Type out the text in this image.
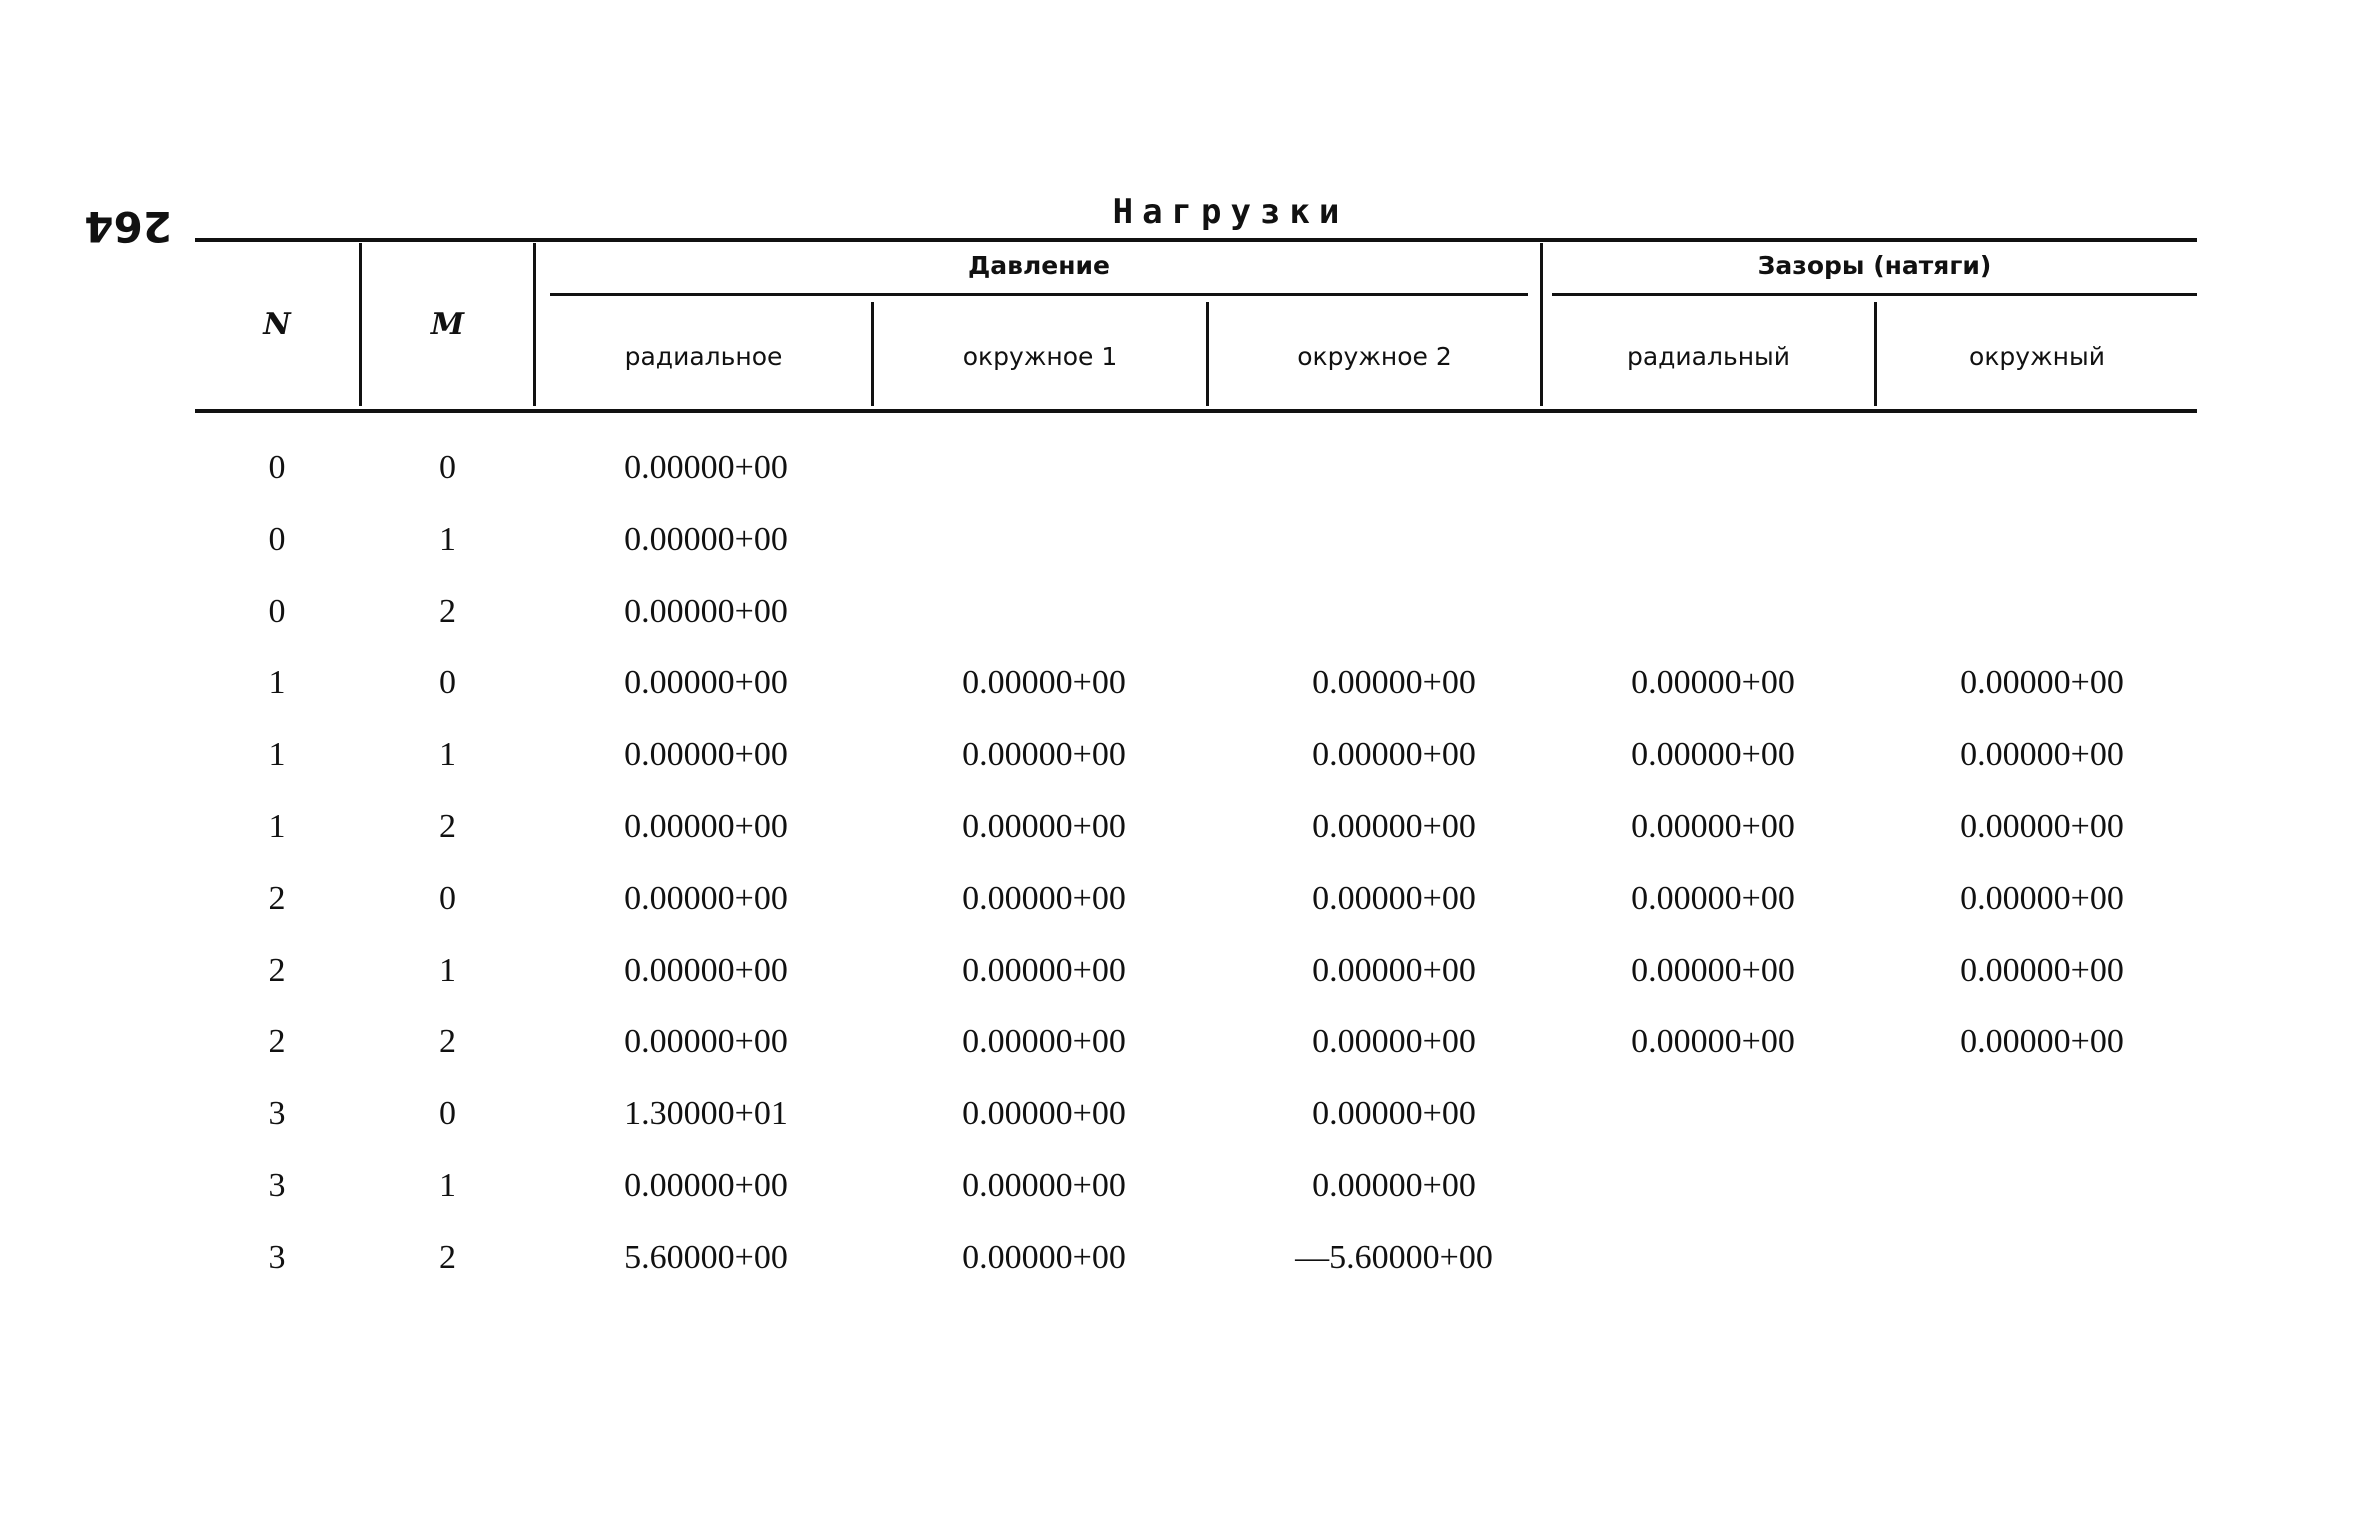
264	Нагрузки
N	M
Давление	Зазоры (натяги)
радиальное	окружное 1	окружное 2	радиальный	окружный
0	0	0.00000+00
0	1	0.00000+00
0	2	0.00000+00
1	0	0.00000+00	0.00000+00	0.00000+00	0.00000+00	0.00000+00
1	1	0.00000+00	0.00000+00	0.00000+00	0.00000+00	0.00000+00
1	2	0.00000+00	0.00000+00	0.00000+00	0.00000+00	0.00000+00
2	0	0.00000+00	0.00000+00	0.00000+00	0.00000+00	0.00000+00
2	1	0.00000+00	0.00000+00	0.00000+00	0.00000+00	0.00000+00
2	2	0.00000+00	0.00000+00	0.00000+00	0.00000+00	0.00000+00
3	0	1.30000+01	0.00000+00	0.00000+00
3	1	0.00000+00	0.00000+00	0.00000+00
3	2	5.60000+00	0.00000+00	—5.60000+00
